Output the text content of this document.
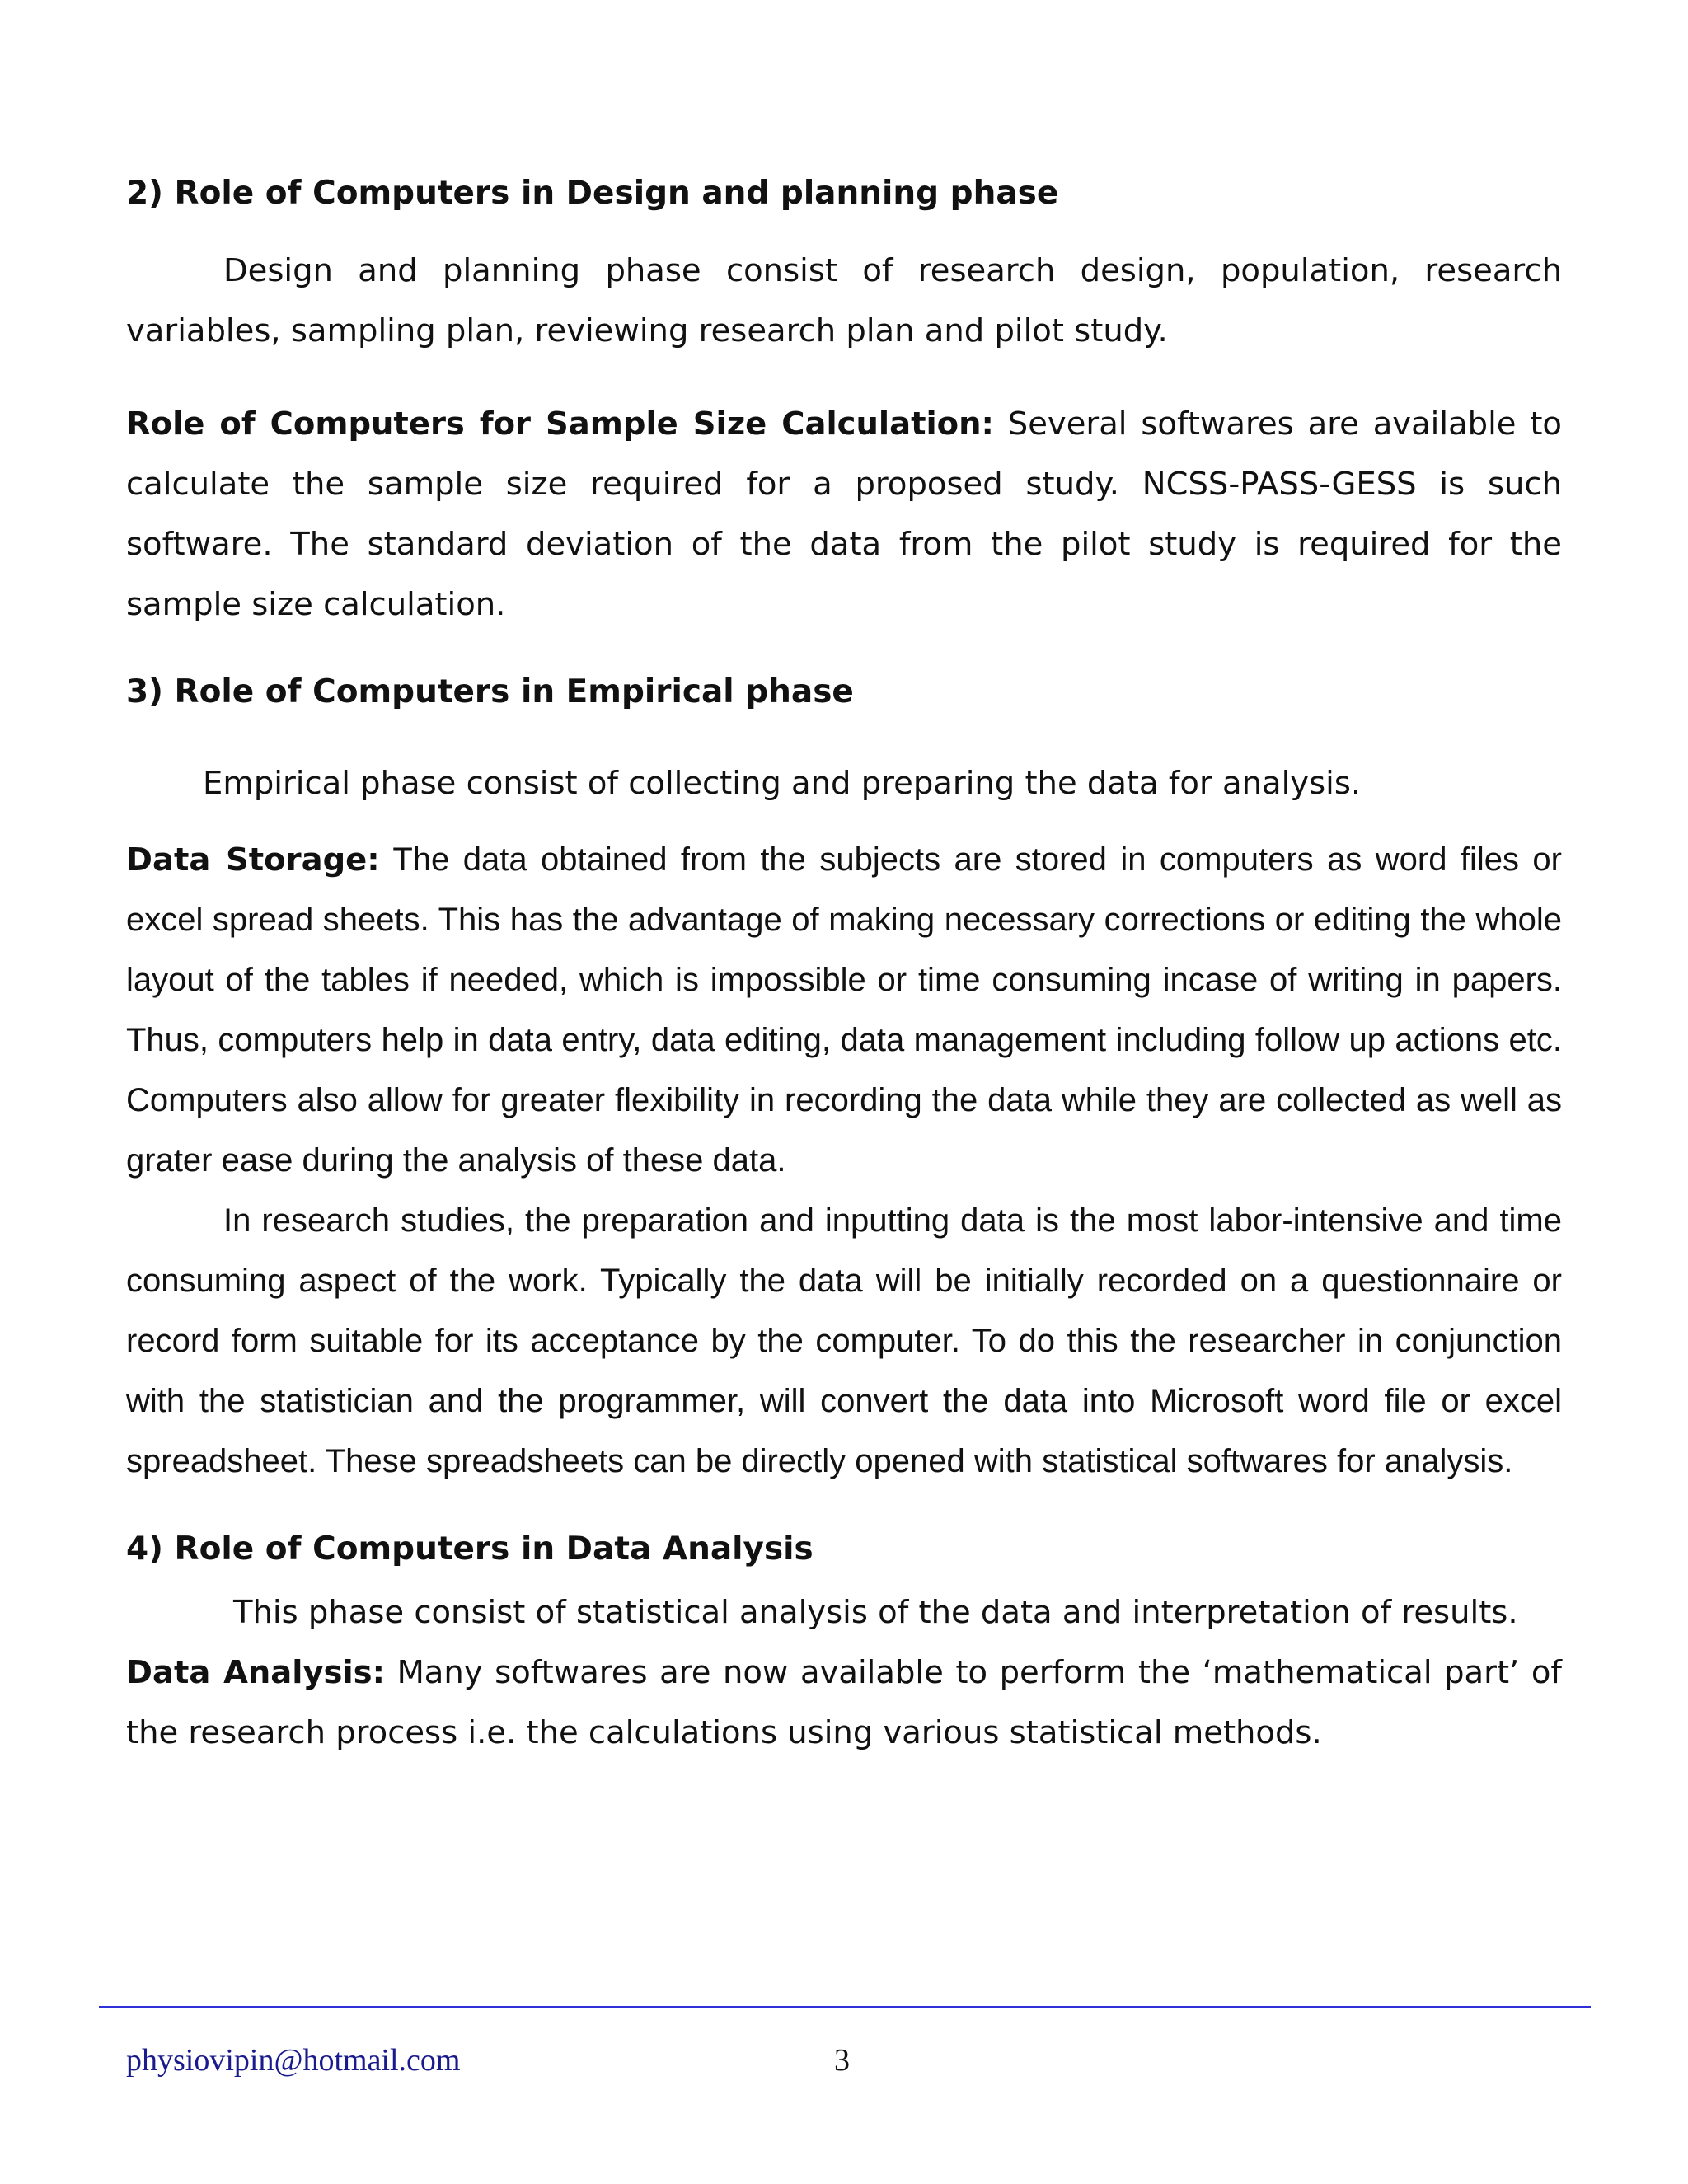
2) Role of Computers in Design and planning phase

Design and planning phase consist of research design, population, research variables, sampling plan, reviewing research plan and pilot study.

Role of Computers for Sample Size Calculation: Several softwares are available to calculate the sample size required for a proposed study. NCSS-PASS-GESS is such software. The standard deviation of the data from the pilot study is required for the sample size calculation.

3) Role of Computers in Empirical phase

Empirical phase consist of collecting and preparing the data for analysis.

Data Storage: The data obtained from the subjects are stored in computers as word files or excel spread sheets. This has the advantage of making necessary corrections or editing the whole layout of the tables if needed, which is impossible or time consuming incase of writing in papers. Thus, computers help in data entry, data editing, data management including follow up actions etc. Computers also allow for greater flexibility in recording the data while they are collected as well as grater ease during the analysis of these data.

In research studies, the preparation and inputting data is the most labor-intensive and time consuming aspect of the work. Typically the data will be initially recorded on a questionnaire or record form suitable for its acceptance by the computer. To do this the researcher in conjunction with the statistician and the programmer, will convert the data into Microsoft word file or excel spreadsheet. These spreadsheets can be directly opened with statistical softwares for analysis.

4) Role of Computers in Data Analysis

This phase consist of statistical analysis of the data and interpretation of results.

Data Analysis: Many softwares are now available to perform the ‘mathematical part’ of the research process i.e. the calculations using various statistical methods.

physiovipin@hotmail.com	3
